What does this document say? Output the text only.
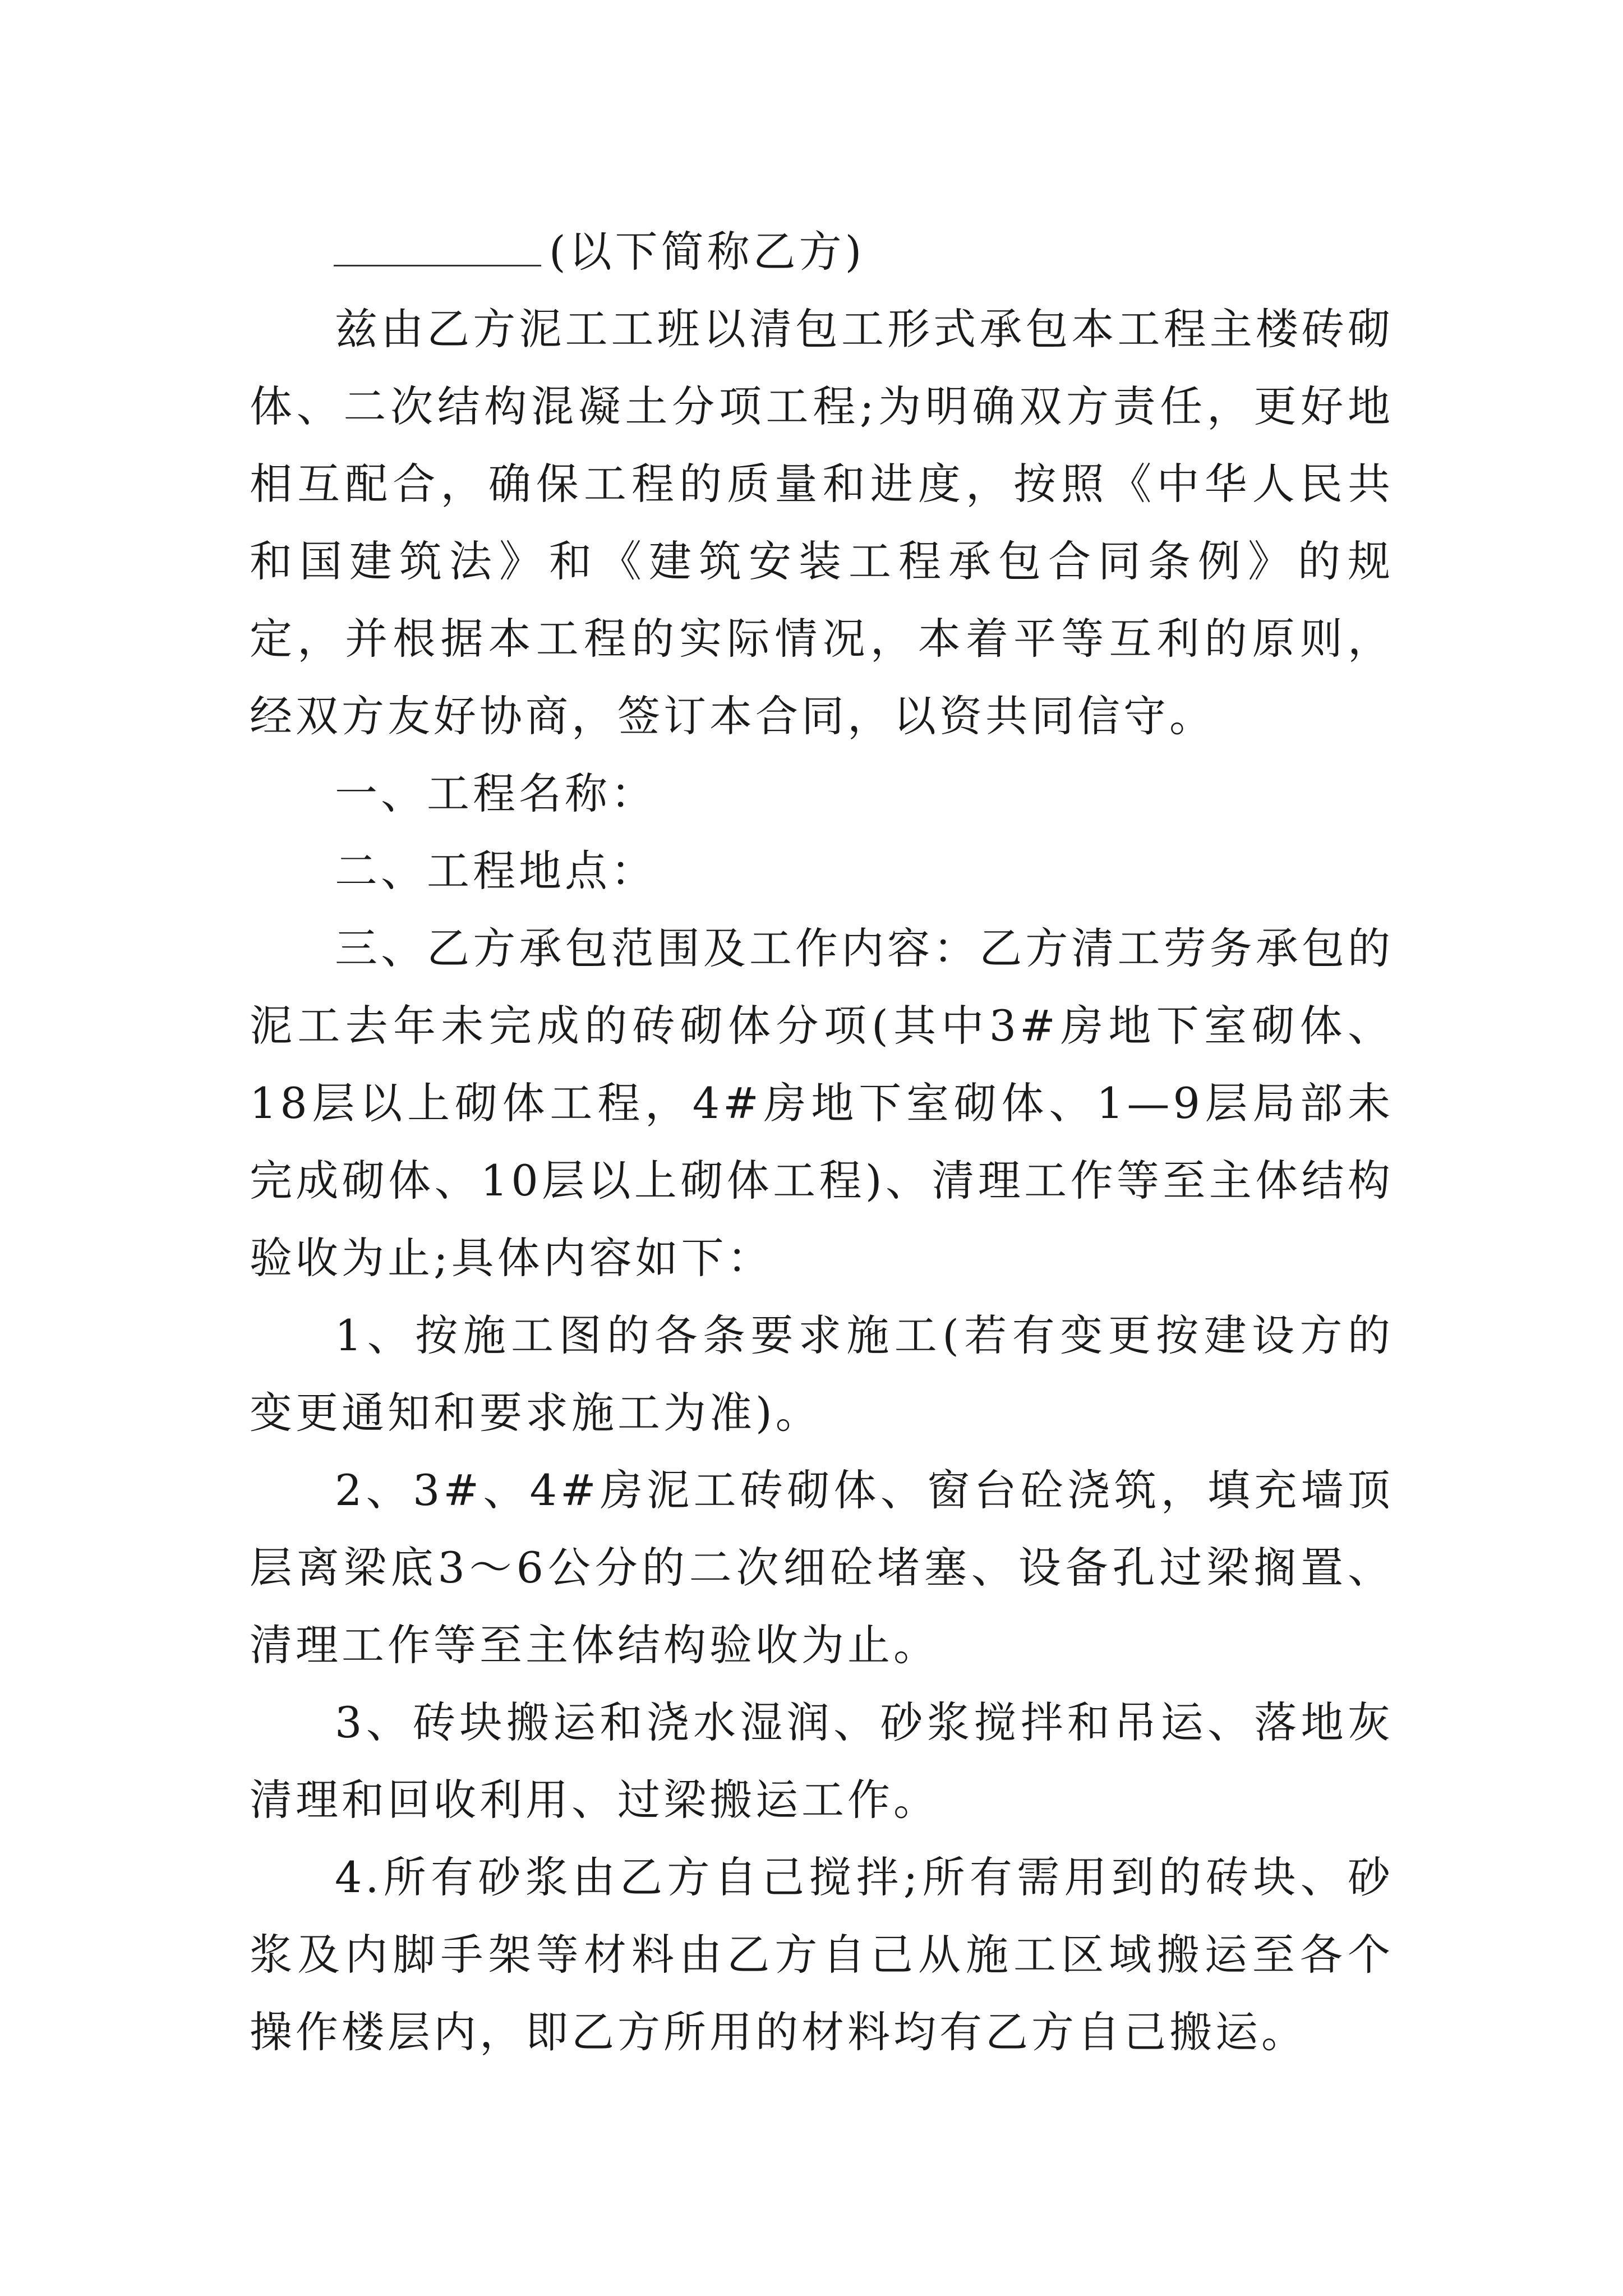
(以下简称乙方)

兹由乙方泥工工班以清包工形式承包本工程主楼砖砌体、二次结构混凝土分项工程;为明确双方责任，更好地相互配合，确保工程的质量和进度，按照《中华人民共和国建筑法》和《建筑安装工程承包合同条例》的规定，并根据本工程的实际情况，本着平等互利的原则，经双方友好协商，签订本合同，以资共同信守。

一、工程名称：

二、工程地点：

三、乙方承包范围及工作内容：乙方清工劳务承包的泥工去年未完成的砖砌体分项(其中3#房地下室砌体、18层以上砌体工程，4#房地下室砌体、1—9层局部未完成砌体、10层以上砌体工程)、清理工作等至主体结构验收为止;具体内容如下：

1、按施工图的各条要求施工(若有变更按建设方的变更通知和要求施工为准)。

2、3#、4#房泥工砖砌体、窗台砼浇筑，填充墙顶层离梁底3～6公分的二次细砼堵塞、设备孔过梁搁置、清理工作等至主体结构验收为止。

3、砖块搬运和浇水湿润、砂浆搅拌和吊运、落地灰清理和回收利用、过梁搬运工作。

4.所有砂浆由乙方自己搅拌;所有需用到的砖块、砂浆及内脚手架等材料由乙方自己从施工区域搬运至各个操作楼层内，即乙方所用的材料均有乙方自己搬运。
